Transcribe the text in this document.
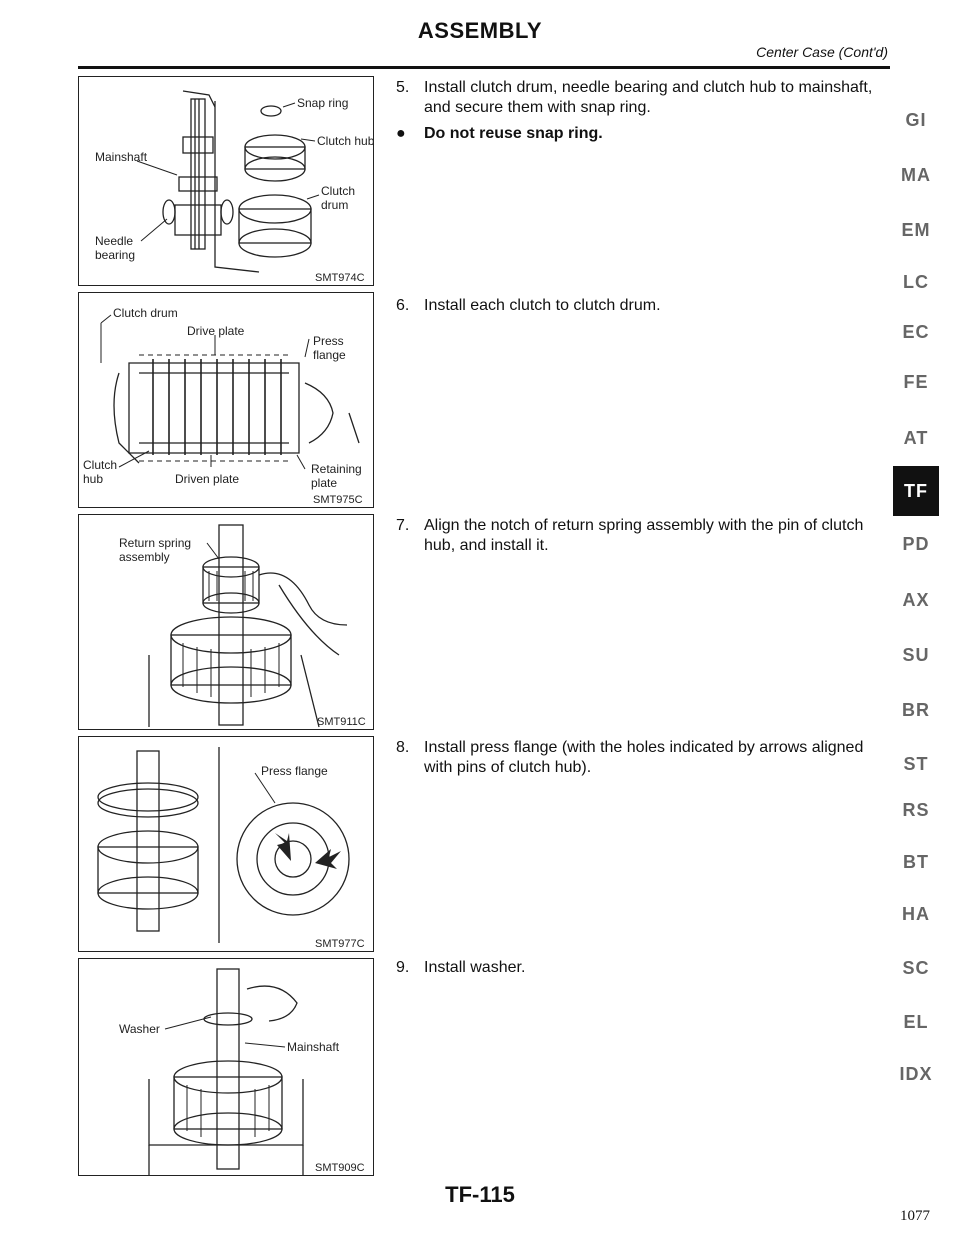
ASSEMBLY
Center Case (Cont'd)
Snap ring
Clutch hub
Clutch
drum
Mainshaft
Needle
bearing
SMT974C
Clutch drum
Drive plate
Press
flange
Clutch
hub	Driven plate
Retaining
plate
SMT975C
Return spring
assembly
SMT911C
Press flange
SMT977C
Washer
Mainshaft
SMT909C
5. Install clutch drum, needle bearing and clutch hub to mainshaft, and secure them with snap ring.
● Do not reuse snap ring.
6. Install each clutch to clutch drum.
7. Align the notch of return spring assembly with the pin of clutch hub, and install it.
8. Install press flange (with the holes indicated by arrows aligned with pins of clutch hub).
9. Install washer.
GI
MA
EM
LC
EC
FE
AT
TF
PD
AX
SU
BR
ST
RS
BT
HA
SC
EL
IDX
TF-115
1077
